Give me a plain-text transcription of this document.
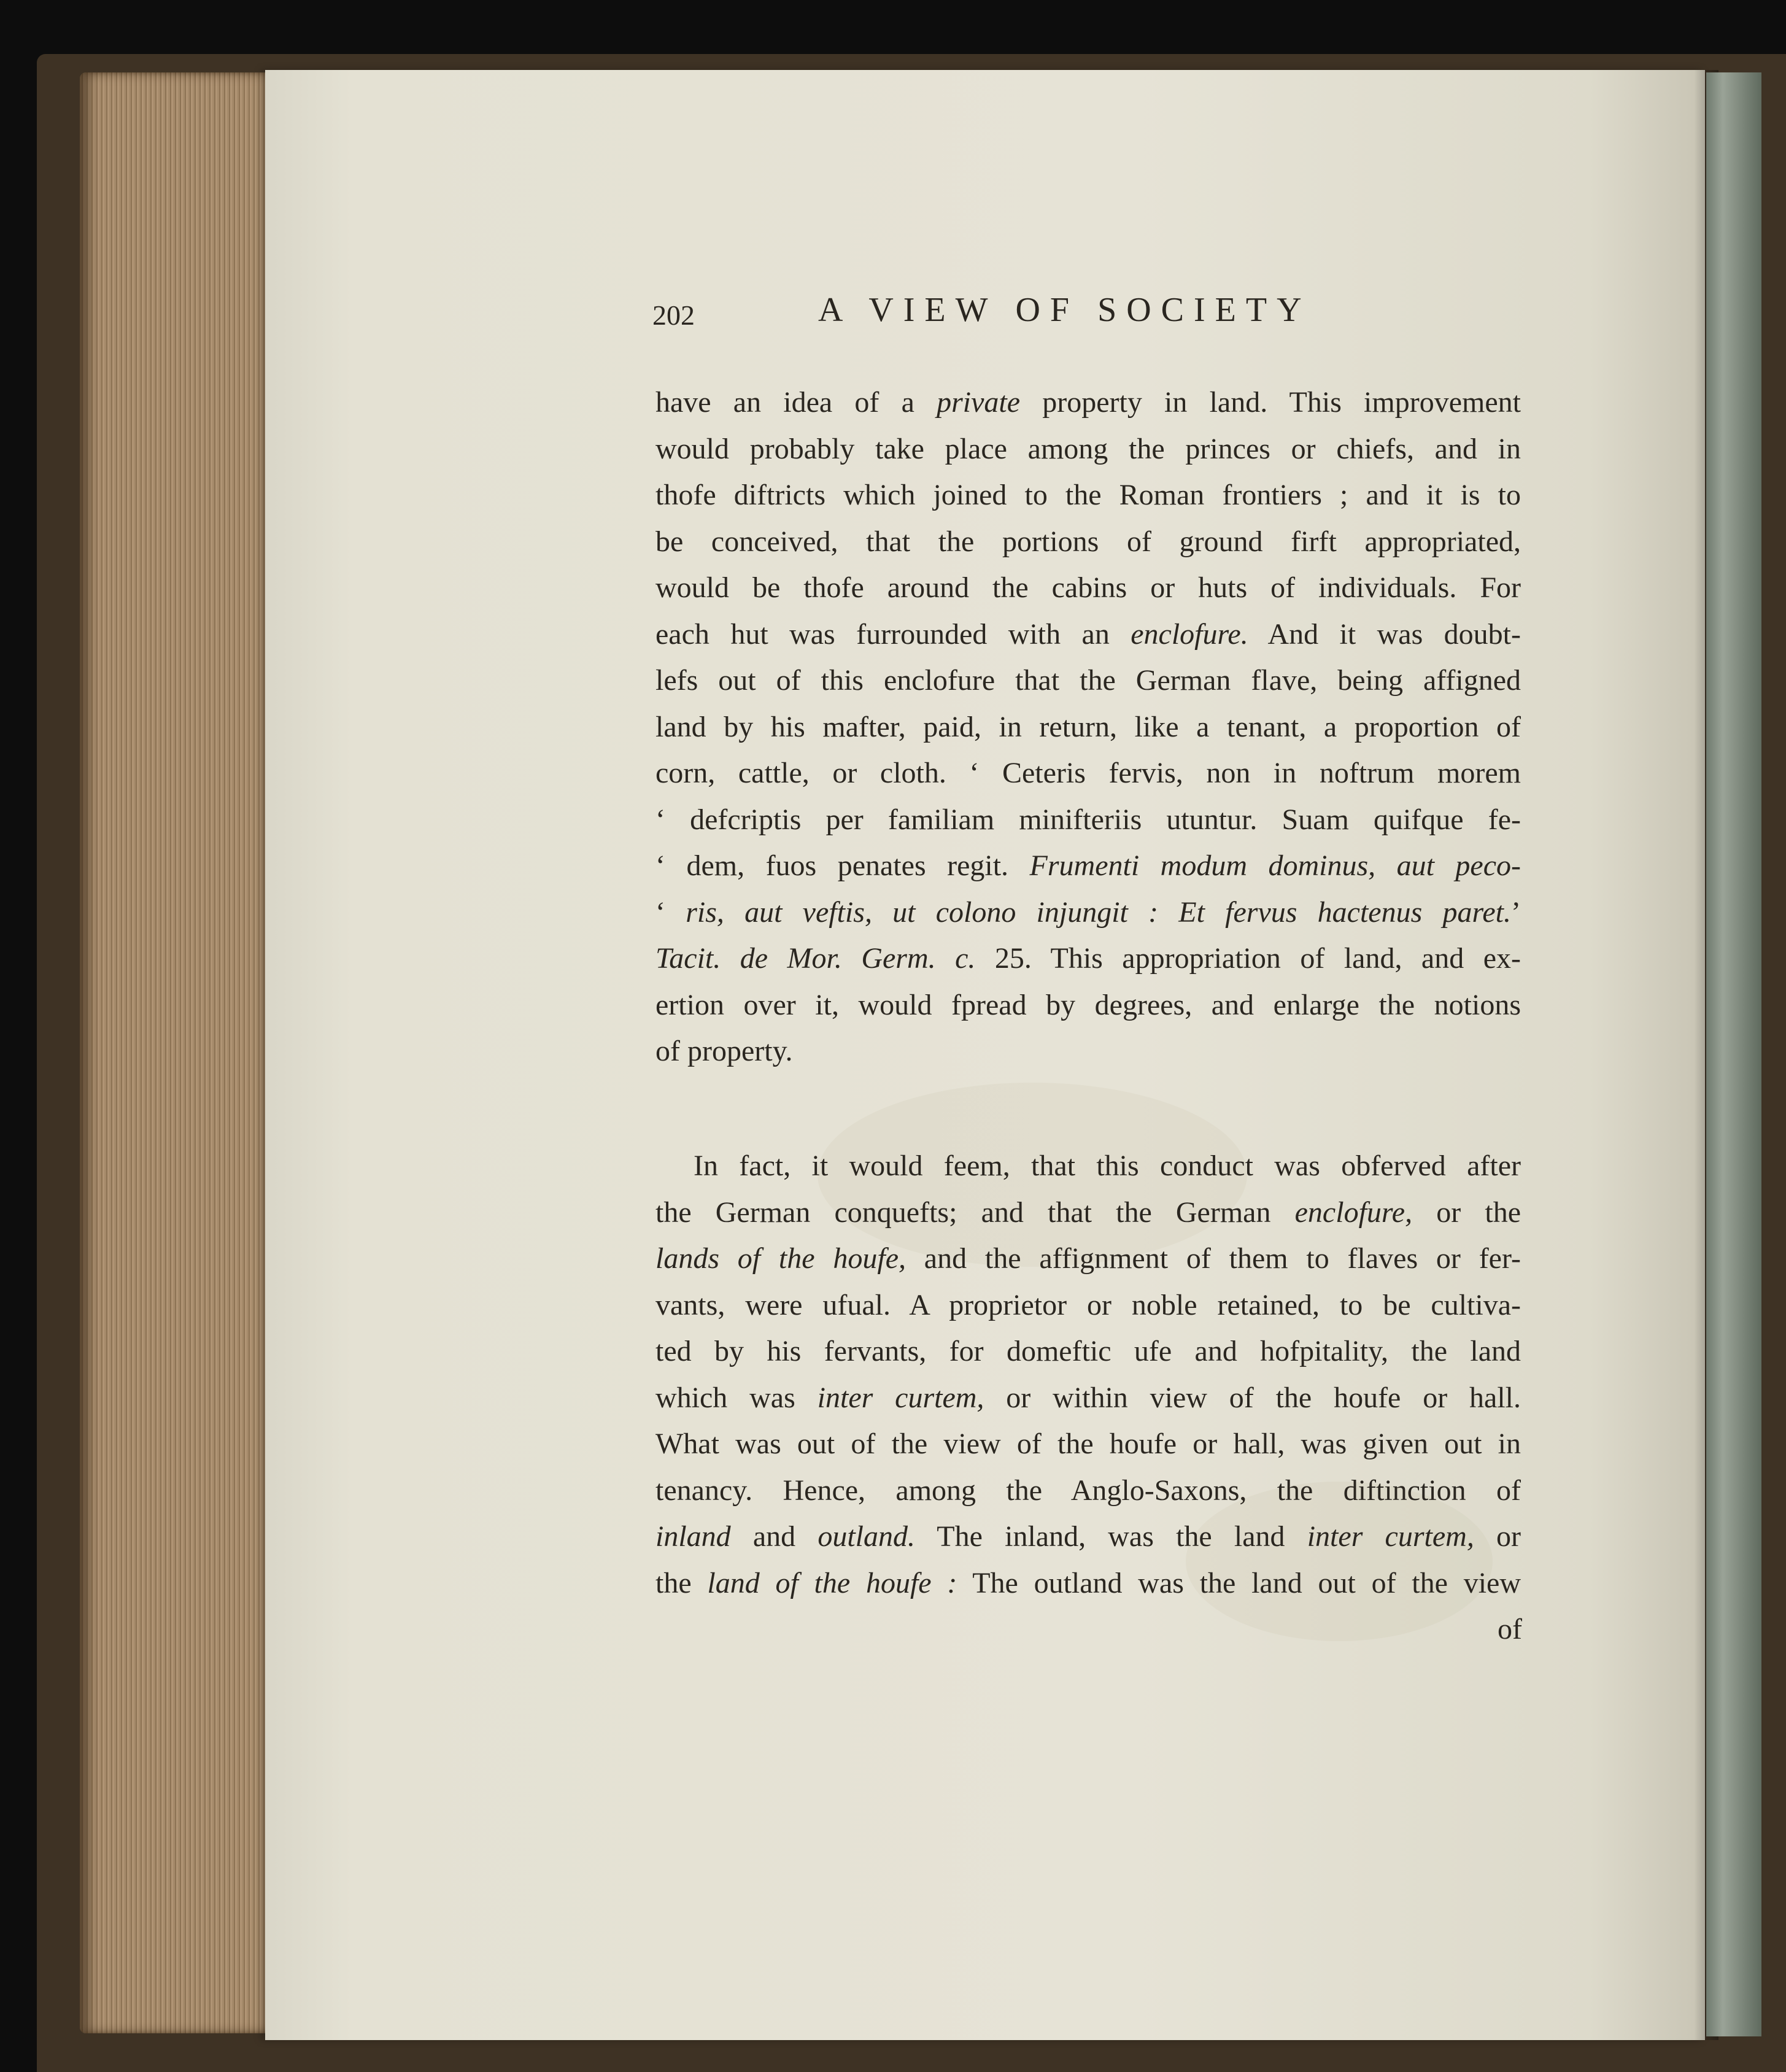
202	A VIEW OF SOCIETY
have an idea of a private property in land. This improvement
would probably take place among the princes or chiefs, and in
thofe diftricts which joined to the Roman frontiers ; and it is to
be conceived, that the portions of ground firft appropriated,
would be thofe around the cabins or huts of individuals. For
each hut was furrounded with an enclofure. And it was doubt-
lefs out of this enclofure that the German flave, being affigned
land by his mafter, paid, in return, like a tenant, a proportion of
corn, cattle, or cloth. ‘ Ceteris fervis, non in noftrum morem
‘ defcriptis per familiam minifteriis utuntur. Suam quifque fe-
‘ dem, fuos penates regit. Frumenti modum dominus, aut peco-
‘ ris, aut veftis, ut colono injungit : Et fervus hactenus paret.’
Tacit. de Mor. Germ. c. 25. This appropriation of land, and ex-
ertion over it, would fpread by degrees, and enlarge the notions
of property.
In fact, it would feem, that this conduct was obferved after
the German conquefts; and that the German enclofure, or the
lands of the houfe, and the affignment of them to flaves or fer-
vants, were ufual. A proprietor or noble retained, to be cultiva-
ted by his fervants, for domeftic ufe and hofpitality, the land
which was inter curtem, or within view of the houfe or hall.
What was out of the view of the houfe or hall, was given out in
tenancy. Hence, among the Anglo-Saxons, the diftinction of
inland and outland. The inland, was the land inter curtem, or
the land of the houfe : The outland was the land out of the view
of
